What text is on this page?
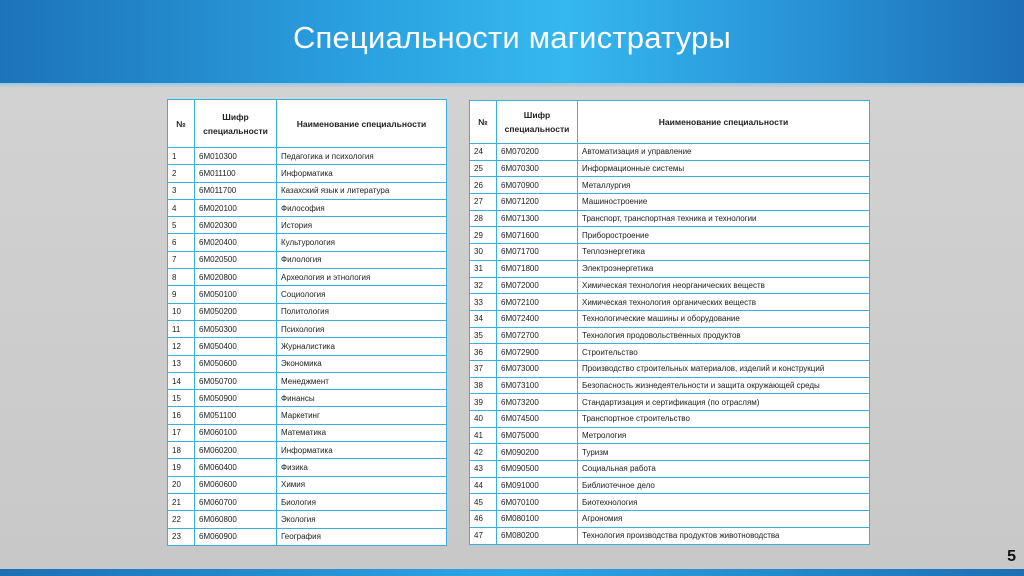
Специальности магистратуры
№	Шифр специальности	Наименование специальности
1	6М010300	Педагогика и психология
2	6М011100	Информатика
3	6М011700	Казахский язык и литература
4	6М020100	Философия
5	6М020300	История
6	6М020400	Культурология
7	6М020500	Филология
8	6М020800	Археология и этнология
9	6М050100	Социология
10	6М050200	Политология
11	6М050300	Психология
12	6М050400	Журналистика
13	6М050600	Экономика
14	6М050700	Менеджмент
15	6М050900	Финансы
16	6М051100	Маркетинг
17	6М060100	Математика
18	6М060200	Информатика
19	6М060400	Физика
20	6М060600	Химия
21	6М060700	Биология
22	6М060800	Экология
23	6М060900	География
№	Шифр специальности	Наименование специальности
24	6М070200	Автоматизация и управление
25	6М070300	Информационные системы
26	6М070900	Металлургия
27	6М071200	Машиностроение
28	6М071300	Транспорт, транспортная техника и технологии
29	6М071600	Приборостроение
30	6М071700	Теплоэнергетика
31	6М071800	Электроэнергетика
32	6М072000	Химическая технология неорганических веществ
33	6М072100	Химическая технология органических веществ
34	6М072400	Технологические машины и оборудование
35	6М072700	Технология продовольственных продуктов
36	6М072900	Строительство
37	6М073000	Производство строительных материалов, изделий и конструкций
38	6М073100	Безопасность жизнедеятельности и защита окружающей среды
39	6М073200	Стандартизация и сертификация (по отраслям)
40	6М074500	Транспортное строительство
41	6М075000	Метрология
42	6М090200	Туризм
43	6М090500	Социальная работа
44	6М091000	Библиотечное дело
45	6М070100	Биотехнология
46	6М080100	Агрономия
47	6М080200	Технология производства продуктов животноводства
5
